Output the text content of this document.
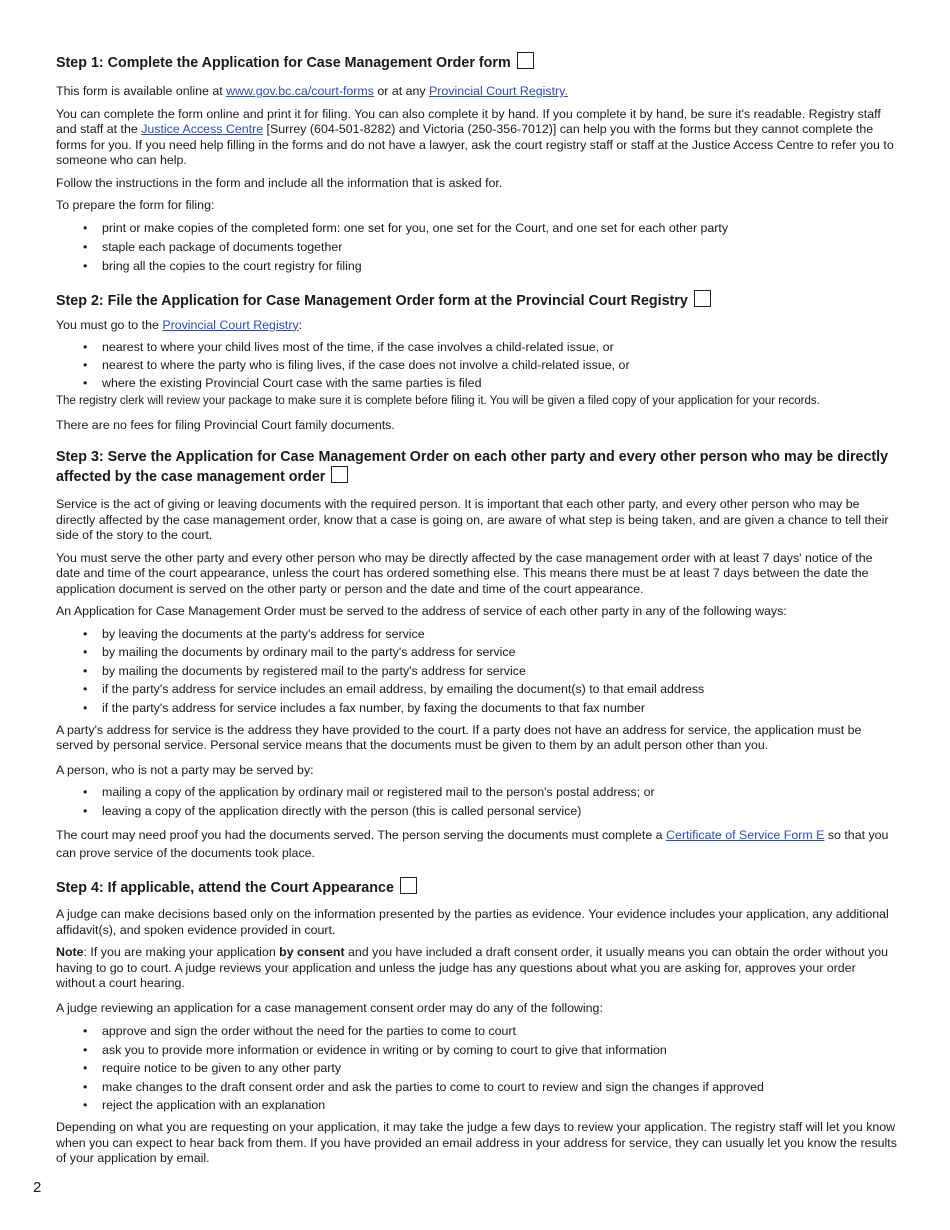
Step 1: Complete the Application for Case Management Order form

This form is available online at www.gov.bc.ca/court-forms or at any Provincial Court Registry.

You can complete the form online and print it for filing. You can also complete it by hand. If you complete it by hand, be sure it's readable. Registry staff and staff at the Justice Access Centre [Surrey (604-501-8282) and Victoria (250-356-7012)] can help you with the forms but they cannot complete the forms for you. If you need help filling in the forms and do not have a lawyer, ask the court registry staff or staff at the Justice Access Centre to refer you to someone who can help.

Follow the instructions in the form and include all the information that is asked for.

To prepare the form for filing:

• print or make copies of the completed form: one set for you, one set for the Court, and one set for each other party
• staple each package of documents together
• bring all the copies to the court registry for filing
Step 2: File the Application for Case Management Order form at the Provincial Court Registry

You must go to the Provincial Court Registry:

• nearest to where your child lives most of the time, if the case involves a child-related issue, or
• nearest to where the party who is filing lives, if the case does not involve a child-related issue, or
• where the existing Provincial Court case with the same parties is filed

The registry clerk will review your package to make sure it is complete before filing it. You will be given a filed copy of your application for your records.

There are no fees for filing Provincial Court family documents.

Step 3: Serve the Application for Case Management Order on each other party and every other person who may be directly affected by the case management order

Service is the act of giving or leaving documents with the required person. It is important that each other party, and every other person who may be directly affected by the case management order, know that a case is going on, are aware of what step is being taken, and are given a chance to tell their side of the story to the court.

You must serve the other party and every other person who may be directly affected by the case management order with at least 7 days' notice of the date and time of the court appearance, unless the court has ordered something else. This means there must be at least 7 days between the date the application document is served on the other party or person and the date and time of the court appearance.

An Application for Case Management Order must be served to the address of service of each other party in any of the following ways:

• by leaving the documents at the party's address for service
• by mailing the documents by ordinary mail to the party's address for service
• by mailing the documents by registered mail to the party's address for service
• if the party's address for service includes an email address, by emailing the document(s) to that email address
• if the party's address for service includes a fax number, by faxing the documents to that fax number

A party's address for service is the address they have provided to the court. If a party does not have an address for service, the application must be served by personal service. Personal service means that the documents must be given to them by an adult person other than you.

A person, who is not a party may be served by:

• mailing a copy of the application by ordinary mail or registered mail to the person's postal address; or
• leaving a copy of the application directly with the person (this is called personal service)

The court may need proof you had the documents served. The person serving the documents must complete a Certificate of Service Form E so that you can prove service of the documents took place.

Step 4: If applicable, attend the Court Appearance

A judge can make decisions based only on the information presented by the parties as evidence. Your evidence includes your application, any additional affidavit(s), and spoken evidence provided in court.

Note: If you are making your application by consent and you have included a draft consent order, it usually means you can obtain the order without you having to go to court. A judge reviews your application and unless the judge has any questions about what you are asking for, approves your order without a court hearing.

A judge reviewing an application for a case management consent order may do any of the following:

• approve and sign the order without the need for the parties to come to court
• ask you to provide more information or evidence in writing or by coming to court to give that information
• require notice to be given to any other party
• make changes to the draft consent order and ask the parties to come to court to review and sign the changes if approved
• reject the application with an explanation

Depending on what you are requesting on your application, it may take the judge a few days to review your application. The registry staff will let you know when you can expect to hear back from them. If you have provided an email address in your address for service, they can usually let you know the results of your application by email.

2
